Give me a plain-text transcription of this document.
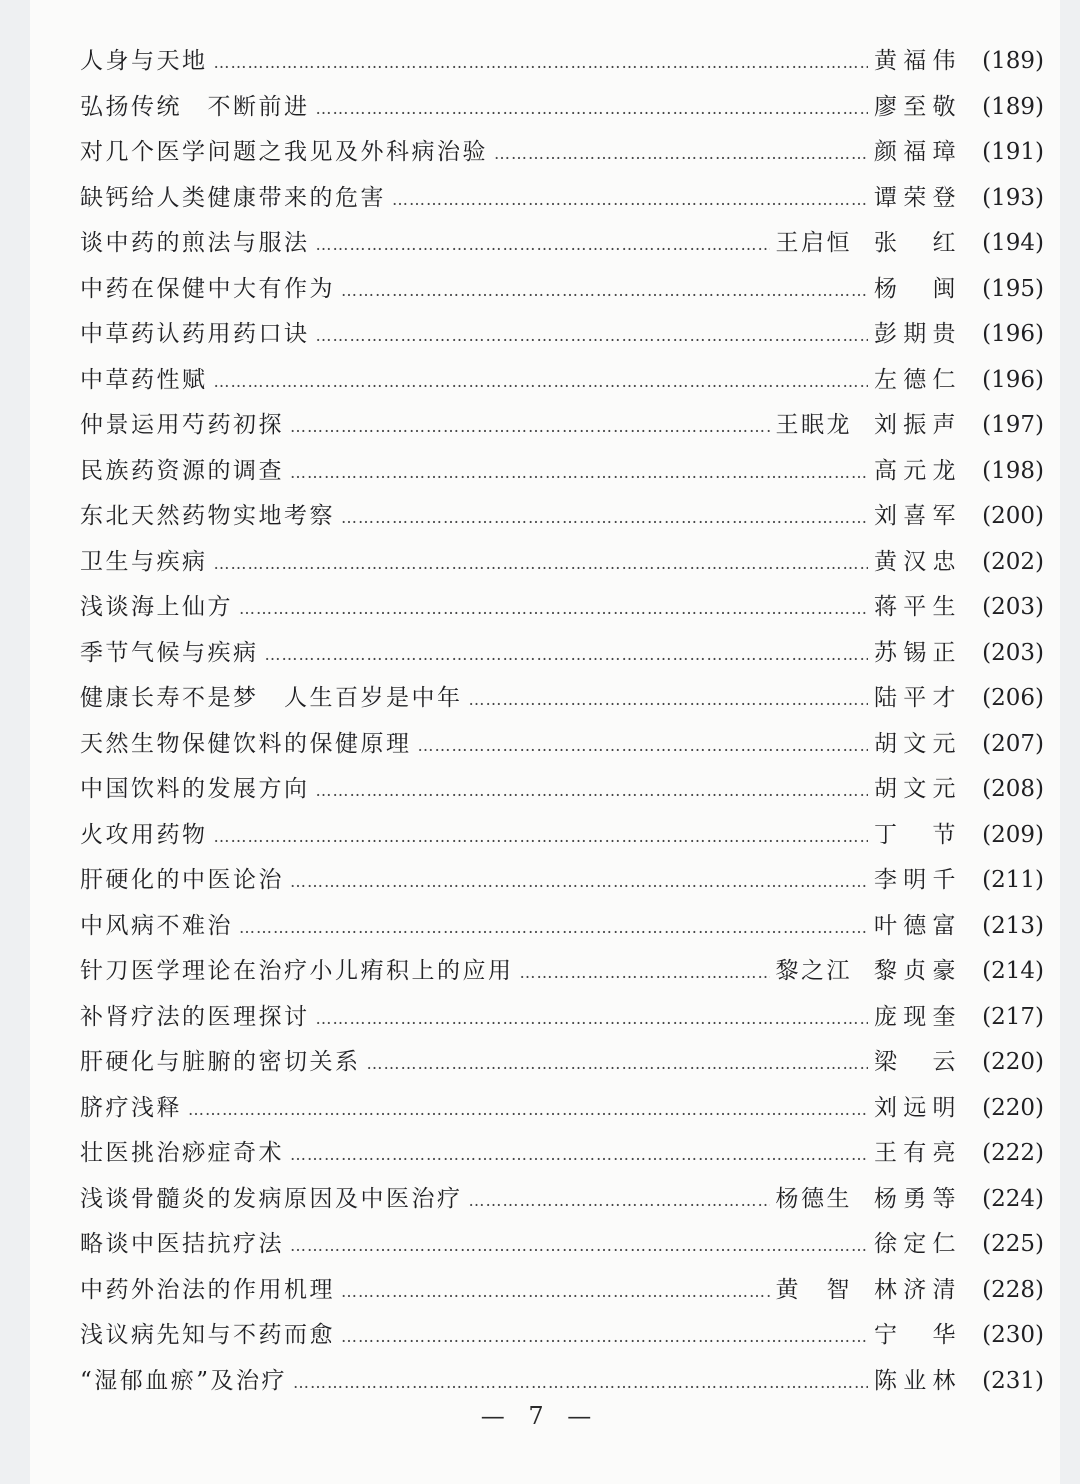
人身与天地 ……………………………………………………………………………………………………………………………………………………	黄福伟	(189)
弘扬传统　不断前进 ……………………………………………………………………………………………………………………………………………………	廖至敬	(189)
对几个医学问题之我见及外科病治验 ……………………………………………………………………………………………………………………………………………………	颜福璋	(191)
缺钙给人类健康带来的危害 ……………………………………………………………………………………………………………………………………………………	谭荣登	(193)
谈中药的煎法与服法 ……………………………………………………………………………………………………………………………………………………	王启恒 张　红	(194)
中药在保健中大有作为 ……………………………………………………………………………………………………………………………………………………	杨　闽	(195)
中草药认药用药口诀 ……………………………………………………………………………………………………………………………………………………	彭期贵	(196)
中草药性赋 ……………………………………………………………………………………………………………………………………………………	左德仁	(196)
仲景运用芍药初探 ……………………………………………………………………………………………………………………………………………………	王眠龙 刘振声	(197)
民族药资源的调查 ……………………………………………………………………………………………………………………………………………………	高元龙	(198)
东北天然药物实地考察 ……………………………………………………………………………………………………………………………………………………	刘喜军	(200)
卫生与疾病 ……………………………………………………………………………………………………………………………………………………	黄汉忠	(202)
浅谈海上仙方 ……………………………………………………………………………………………………………………………………………………	蒋平生	(203)
季节气候与疾病 ……………………………………………………………………………………………………………………………………………………	苏锡正	(203)
健康长寿不是梦　人生百岁是中年 ……………………………………………………………………………………………………………………………………………………	陆平才	(206)
天然生物保健饮料的保健原理 ……………………………………………………………………………………………………………………………………………………	胡文元	(207)
中国饮料的发展方向 ……………………………………………………………………………………………………………………………………………………	胡文元	(208)
火攻用药物 ……………………………………………………………………………………………………………………………………………………	丁　节	(209)
肝硬化的中医论治 ……………………………………………………………………………………………………………………………………………………	李明千	(211)
中风病不难治 ……………………………………………………………………………………………………………………………………………………	叶德富	(213)
针刀医学理论在治疗小儿痏积上的应用 ……………………………………………………………………………………………………………………………………………………	黎之江 黎贞豪	(214)
补肾疗法的医理探讨 ……………………………………………………………………………………………………………………………………………………	庞现奎	(217)
肝硬化与脏腑的密切关系 ……………………………………………………………………………………………………………………………………………………	梁　云	(220)
脐疗浅释 ……………………………………………………………………………………………………………………………………………………	刘远明	(220)
壮医挑治痧症奇术 ……………………………………………………………………………………………………………………………………………………	王有亮	(222)
浅谈骨髓炎的发病原因及中医治疗 ……………………………………………………………………………………………………………………………………………………	杨德生 杨勇等	(224)
略谈中医拮抗疗法 ……………………………………………………………………………………………………………………………………………………	徐定仁	(225)
中药外治法的作用机理 ……………………………………………………………………………………………………………………………………………………	黄　智 林济清	(228)
浅议病先知与不药而愈 ……………………………………………………………………………………………………………………………………………………	宁　华	(230)
“湿郁血瘀”及治疗 ……………………………………………………………………………………………………………………………………………………	陈业林	(231)
— 7 —
